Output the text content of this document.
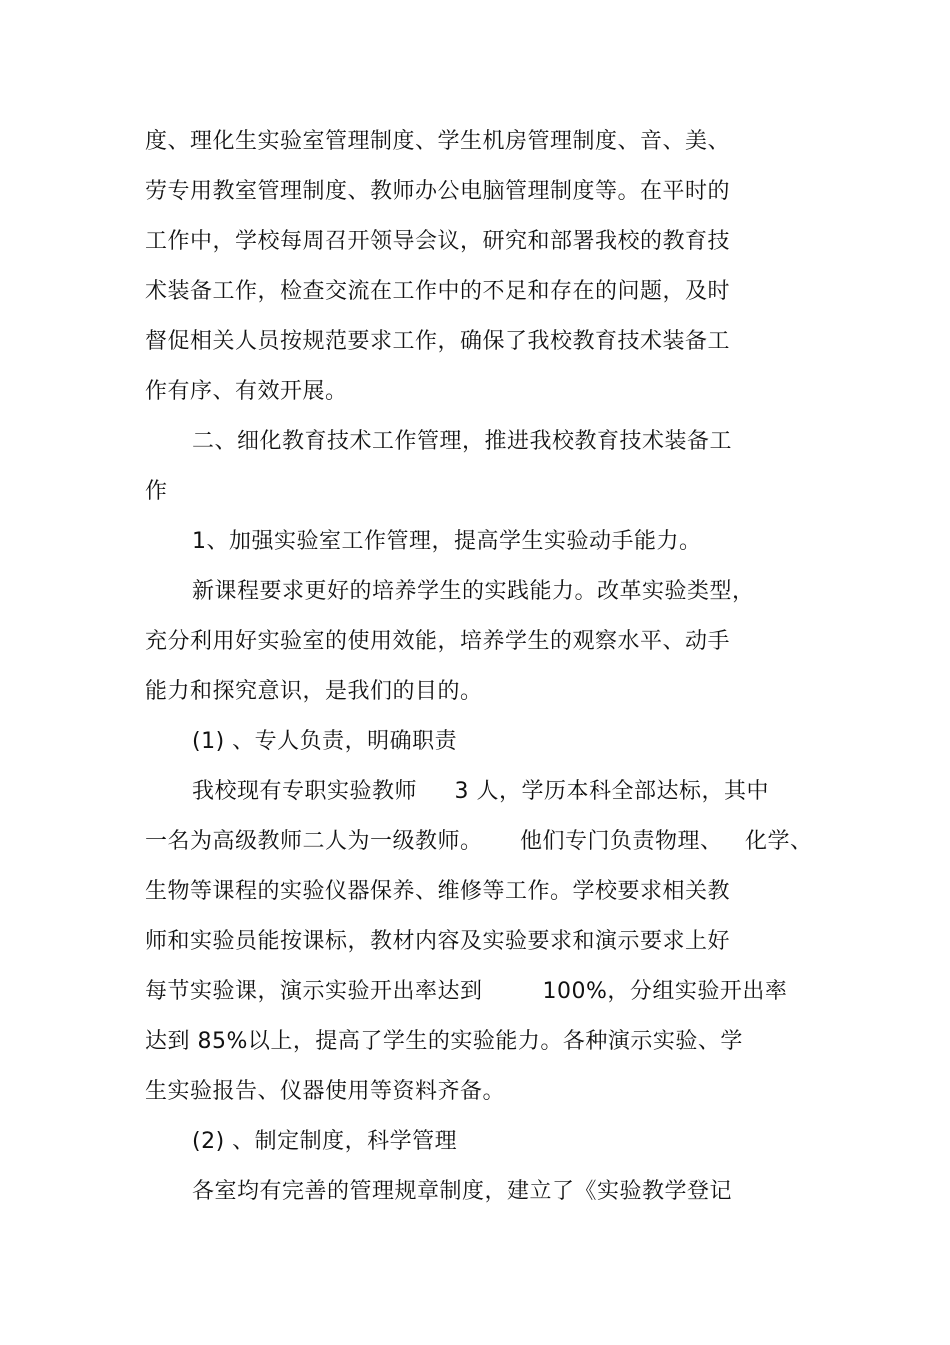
度、理化生实验室管理制度、学生机房管理制度、音、美、
劳专用教室管理制度、教师办公电脑管理制度等。在平时的
工作中，学校每周召开领导会议，研究和部署我校的教育技
术装备工作，检查交流在工作中的不足和存在的问题，及时
督促相关人员按规范要求工作，确保了我校教育技术装备工
作有序、有效开展。
二、细化教育技术工作管理，推进我校教育技术装备工
作
1、加强实验室工作管理，提高学生实验动手能力。
新课程要求更好的培养学生的实践能力。改革实验类型，
充分利用好实验室的使用效能，培养学生的观察水平、动手
能力和探究意识，是我们的目的。
(1) 、专人负责，明确职责
我校现有专职实验教师     3 人，学历本科全部达标，其中
一名为高级教师二人为一级教师。     他们专门负责物理、   化学、
生物等课程的实验仪器保养、维修等工作。学校要求相关教
师和实验员能按课标，教材内容及实验要求和演示要求上好
每节实验课，演示实验开出率达到        100%，分组实验开出率
达到 85%以上，提高了学生的实验能力。各种演示实验、学
生实验报告、仪器使用等资料齐备。
(2) 、制定制度，科学管理
各室均有完善的管理规章制度，建立了《实验教学登记
